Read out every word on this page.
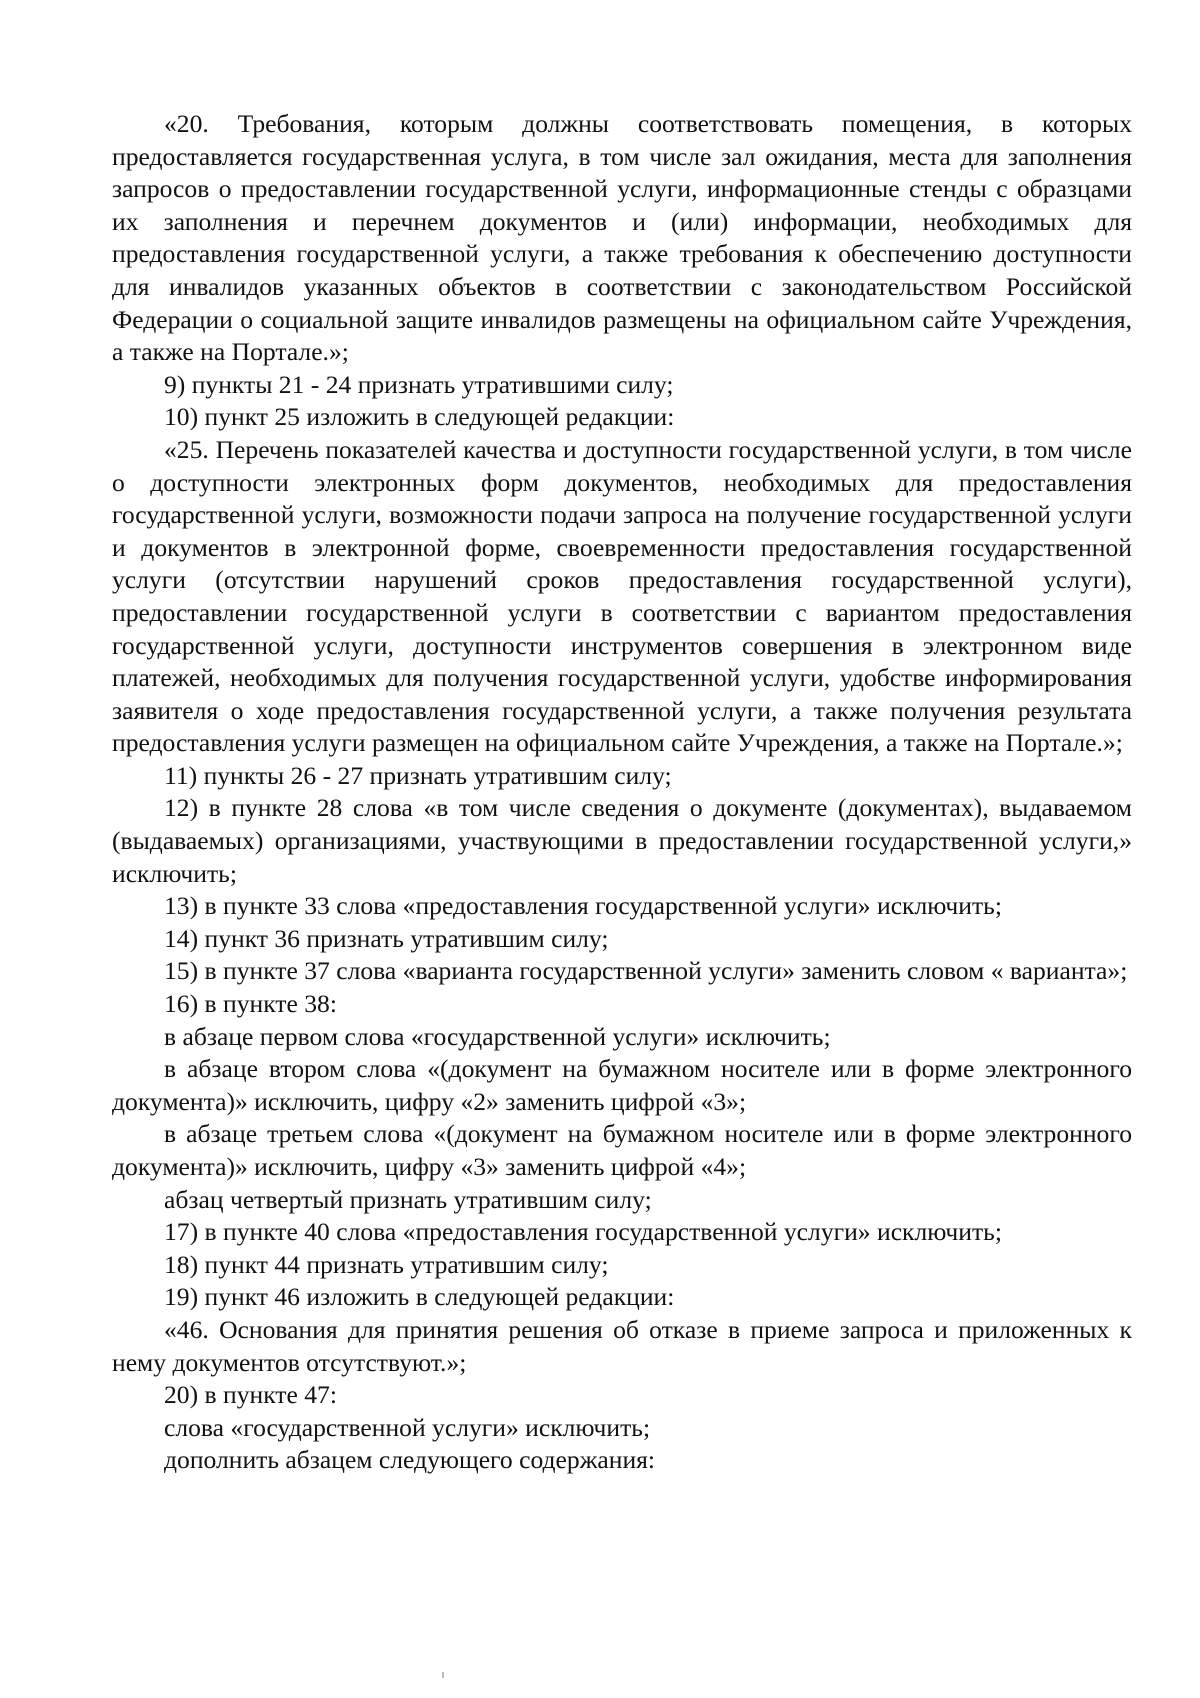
«20. Требования, которым должны соответствовать помещения, в которых предоставляется государственная услуга, в том числе зал ожидания, места для заполнения запросов о предоставлении государственной услуги, информационные стенды с образцами их заполнения и перечнем документов и (или) информации, необходимых для предоставления государственной услуги, а также требования к обеспечению доступности для инвалидов указанных объектов в соответствии с законодательством Российской Федерации о социальной защите инвалидов размещены на официальном сайте Учреждения, а также на Портале.»;

9) пункты 21 - 24 признать утратившими силу;

10) пункт 25 изложить в следующей редакции:

«25. Перечень показателей качества и доступности государственной услуги, в том числе о доступности электронных форм документов, необходимых для предоставления государственной услуги, возможности подачи запроса на получение государственной услуги и документов в электронной форме, своевременности предоставления государственной услуги (отсутствии нарушений сроков предоставления государственной услуги), предоставлении государственной услуги в соответствии с вариантом предоставления государственной услуги, доступности инструментов совершения в электронном виде платежей, необходимых для получения государственной услуги, удобстве информирования заявителя о ходе предоставления государственной услуги, а также получения результата предоставления услуги размещен на официальном сайте Учреждения, а также на Портале.»;

11) пункты 26 - 27 признать утратившим силу;

12) в пункте 28 слова «в том числе сведения о документе (документах), выдаваемом (выдаваемых) организациями, участвующими в предоставлении государственной услуги,» исключить;

13) в пункте 33 слова «предоставления государственной услуги» исключить;

14) пункт 36 признать утратившим силу;

15) в пункте 37 слова «варианта государственной услуги» заменить словом « варианта»;

16) в пункте 38:

в абзаце первом слова «государственной услуги» исключить;

в абзаце втором слова «(документ на бумажном носителе или в форме электронного документа)» исключить, цифру «2» заменить цифрой «3»;

в абзаце третьем слова «(документ на бумажном носителе или в форме электронного документа)» исключить, цифру «3» заменить цифрой «4»;

абзац четвертый признать утратившим силу;

17) в пункте 40 слова «предоставления государственной услуги» исключить;

18) пункт 44 признать утратившим силу;

19) пункт 46 изложить в следующей редакции:

«46. Основания для принятия решения об отказе в приеме запроса и приложенных к нему документов отсутствуют.»;

20) в пункте 47:

слова «государственной услуги» исключить;

дополнить абзацем следующего содержания:
